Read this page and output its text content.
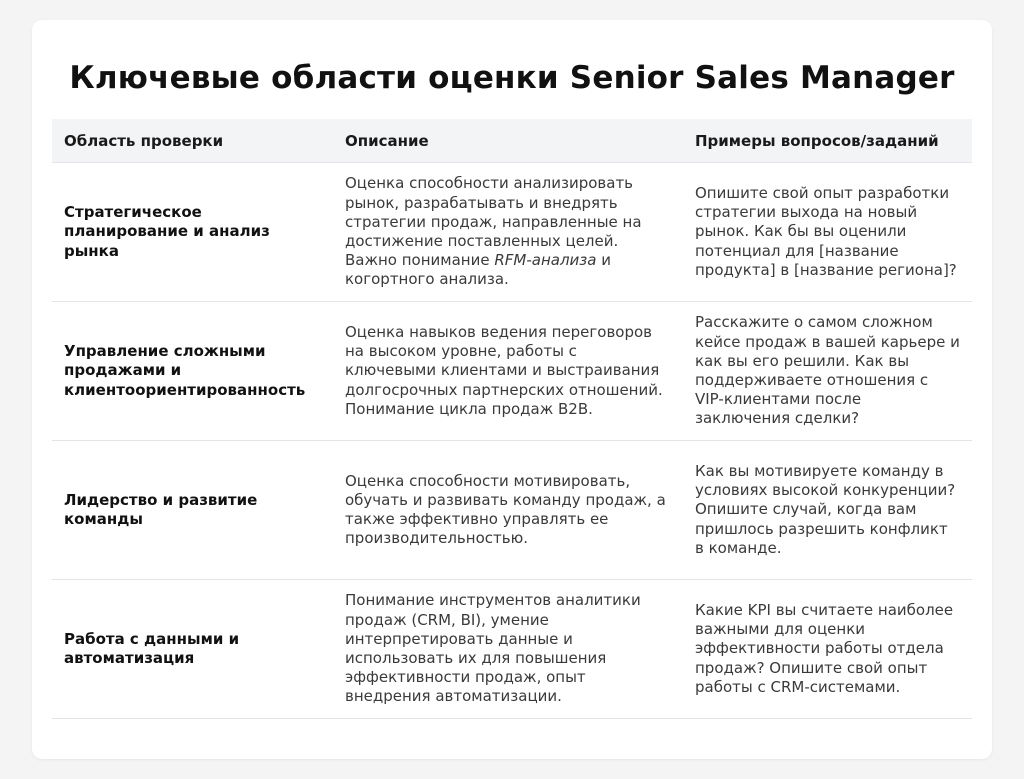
Ключевые области оценки Senior Sales Manager
Область проверки	Описание	Примеры вопросов/заданий
Стратегическое планирование и анализ рынка	Оценка способности анализировать рынок, разрабатывать и внедрять стратегии продаж, направленные на достижение поставленных целей. Важно понимание RFM-анализа и когортного анализа.	Опишите свой опыт разработки стратегии выхода на новый рынок. Как бы вы оценили потенциал для [название продукта] в [название региона]?
Управление сложными продажами и клиентоориентированность	Оценка навыков ведения переговоров на высоком уровне, работы с ключевыми клиентами и выстраивания долгосрочных партнерских отношений. Понимание цикла продаж B2B.	Расскажите о самом сложном кейсе продаж в вашей карьере и как вы его решили. Как вы поддерживаете отношения с VIP-клиентами после заключения сделки?
Лидерство и развитие команды	Оценка способности мотивировать, обучать и развивать команду продаж, а также эффективно управлять ее производительностью.	Как вы мотивируете команду в условиях высокой конкуренции? Опишите случай, когда вам пришлось разрешить конфликт в команде.
Работа с данными и автоматизация	Понимание инструментов аналитики продаж (CRM, BI), умение интерпретировать данные и использовать их для повышения эффективности продаж, опыт внедрения автоматизации.	Какие KPI вы считаете наиболее важными для оценки эффективности работы отдела продаж? Опишите свой опыт работы с CRM-системами.
